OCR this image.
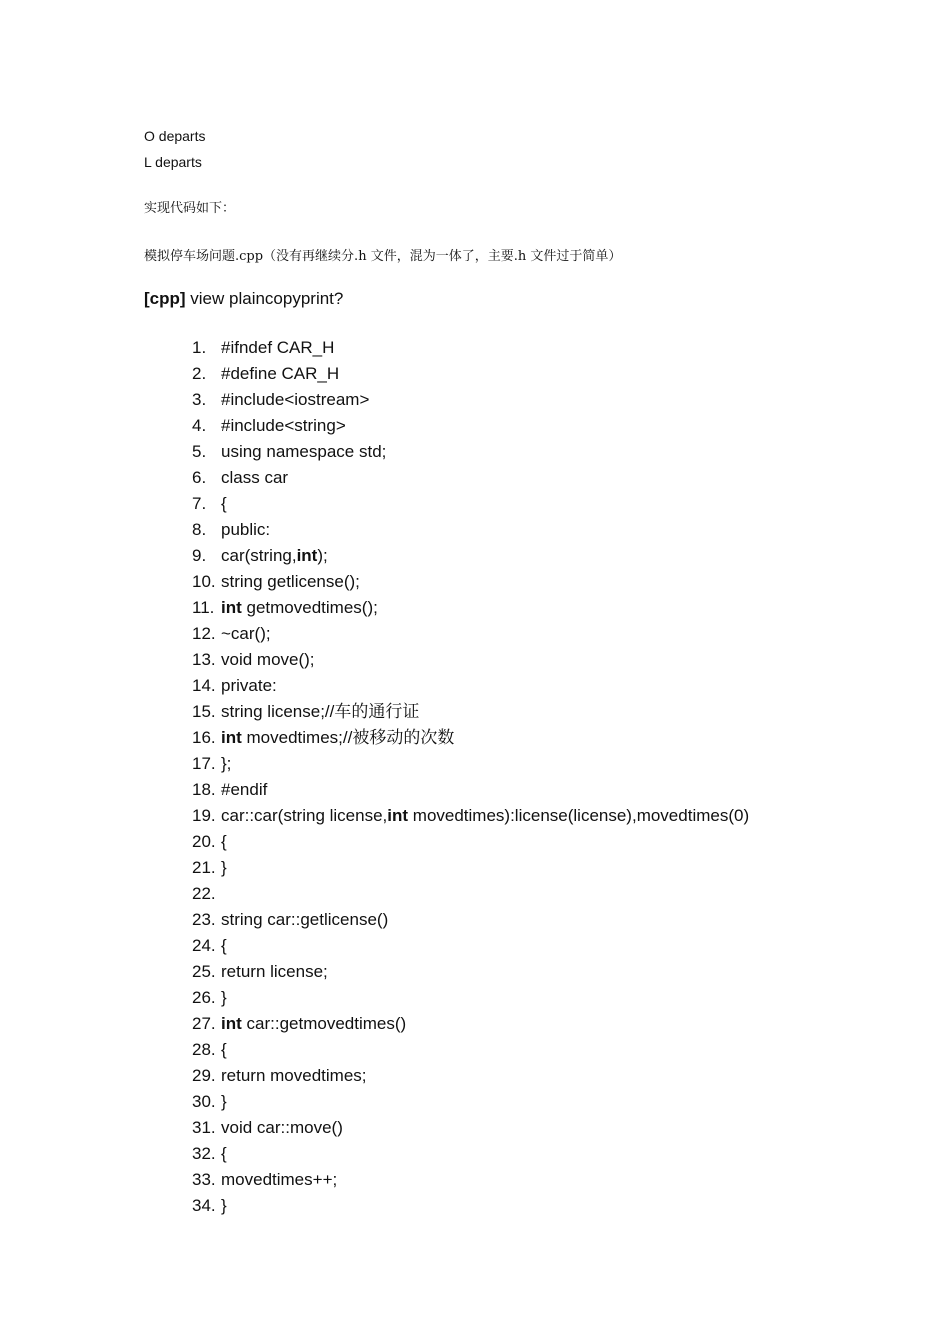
O departs
L departs
实现代码如下：
模拟停车场问题.cpp（没有再继续分.h 文件，混为一体了，主要.h 文件过于简单）
[cpp] view plaincopyprint?
1. #ifndef CAR_H
2. #define CAR_H
3. #include<iostream>
4. #include<string>
5. using namespace std;
6. class car
7. {
8. public:
9. car(string,int);
10. string getlicense();
11. int getmovedtimes();
12. ~car();
13. void move();
14. private:
15. string license;//车的通行证
16. int movedtimes;//被移动的次数
17. };
18. #endif
19. car::car(string license,int movedtimes):license(license),movedtimes(0)
20. {
21. }
22.
23. string car::getlicense()
24. {
25. return license;
26. }
27. int car::getmovedtimes()
28. {
29. return movedtimes;
30. }
31. void car::move()
32. {
33. movedtimes++;
34. }
